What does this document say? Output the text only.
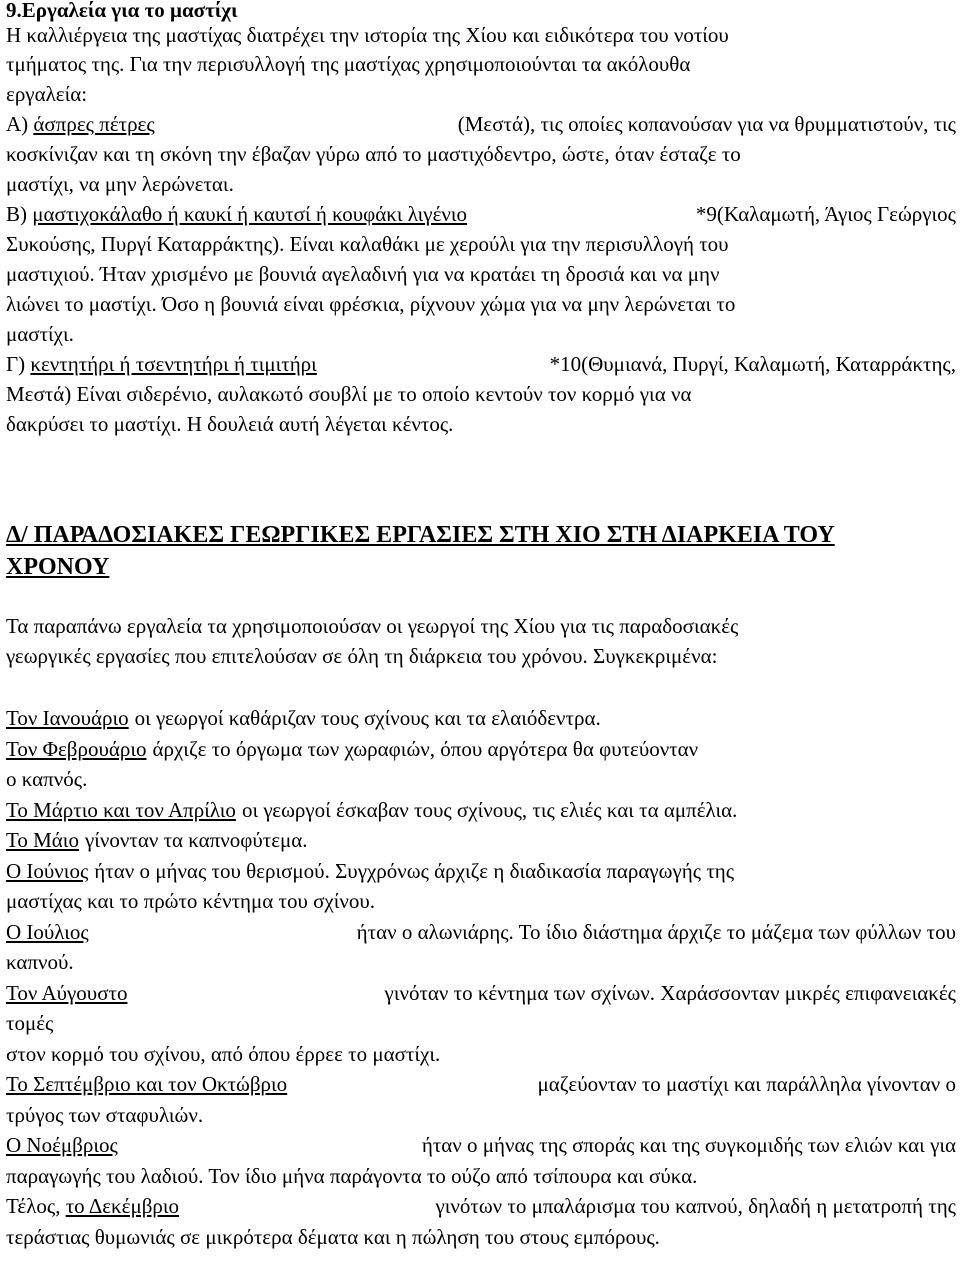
9.Εργαλεία για το μαστίχι
Η καλλιέργεια της μαστίχας διατρέχει την ιστορία της Χίου και ειδικότερα του νοτίου
τμήματος της. Για την περισυλλογή της μαστίχας χρησιμοποιούνται τα ακόλουθα
εργαλεία:
Α) άσπρες πέτρες	(Μεστά), τις οποίες κοπανούσαν για να θρυμματιστούν, τις
κοσκίνιζαν και τη σκόνη την έβαζαν γύρω από το μαστιχόδεντρο, ώστε, όταν έσταζε το
μαστίχι, να μην λερώνεται.
Β) μαστιχοκάλαθο ή καυκί ή καυτσί ή κουφάκι λιγένιο	*9(Καλαμωτή, Άγιος Γεώργιος
Συκούσης, Πυργί Καταρράκτης). Είναι καλαθάκι με χερούλι για την περισυλλογή του
μαστιχιού. Ήταν χρισμένο με βουνιά αγελαδινή για να κρατάει τη δροσιά και να μην
λιώνει το μαστίχι. Όσο η βουνιά είναι φρέσκια, ρίχνουν χώμα για να μην λερώνεται το
μαστίχι.
Γ) κεντητήρι ή τσεντητήρι ή τιμιτήρι	*10(Θυμιανά, Πυργί, Καλαμωτή, Καταρράκτης,
Μεστά) Είναι σιδερένιο, αυλακωτό σουβλί με το οποίο κεντούν τον κορμό για να
δακρύσει το μαστίχι. Η δουλειά αυτή λέγεται κέντος.
Δ/ ΠΑΡΑΔΟΣΙΑΚΕΣ ΓΕΩΡΓΙΚΕΣ ΕΡΓΑΣΙΕΣ ΣΤΗ ΧΙΟ ΣΤΗ ΔΙΑΡΚΕΙΑ ΤΟΥ
ΧΡΟΝΟΥ
Τα παραπάνω εργαλεία τα χρησιμοποιούσαν οι γεωργοί της Χίου για τις παραδοσιακές
γεωργικές εργασίες που επιτελούσαν σε όλη τη διάρκεια του χρόνου. Συγκεκριμένα:
Τον Ιανουάριο οι γεωργοί καθάριζαν τους σχίνους και τα ελαιόδεντρα.
Τον Φεβρουάριο άρχιζε το όργωμα των χωραφιών, όπου αργότερα θα φυτεύονταν
ο καπνός.
Το Μάρτιο και τον Απρίλιο οι γεωργοί έσκαβαν τους σχίνους, τις ελιές και τα αμπέλια.
Το Μάιο γίνονταν τα καπνοφύτεμα.
Ο Ιούνιος ήταν ο μήνας του θερισμού. Συγχρόνως άρχιζε η διαδικασία παραγωγής της
μαστίχας και το πρώτο κέντημα του σχίνου.
Ο Ιούλιος	ήταν ο αλωνιάρης. Το ίδιο διάστημα άρχιζε το μάζεμα των φύλλων του
καπνού.
Τον Αύγουστο	γινόταν το κέντημα των σχίνων. Χαράσσονταν μικρές επιφανειακές
τομές
στον κορμό του σχίνου, από όπου έρρεε το μαστίχι.
Το Σεπτέμβριο και τον Οκτώβριο	μαζεύονταν το μαστίχι και παράλληλα γίνονταν ο
τρύγος των σταφυλιών.
Ο Νοέμβριος	ήταν ο μήνας της σποράς και της συγκομιδής των ελιών και για
παραγωγής του λαδιού. Τον ίδιο μήνα παράγοντα το ούζο από τσίπουρα και σύκα.
Τέλος, το Δεκέμβριο	γινότων το μπαλάρισμα του καπνού, δηλαδή η μετατροπή της
τεράστιας θυμωνιάς σε μικρότερα δέματα και η πώληση του στους εμπόρους.
